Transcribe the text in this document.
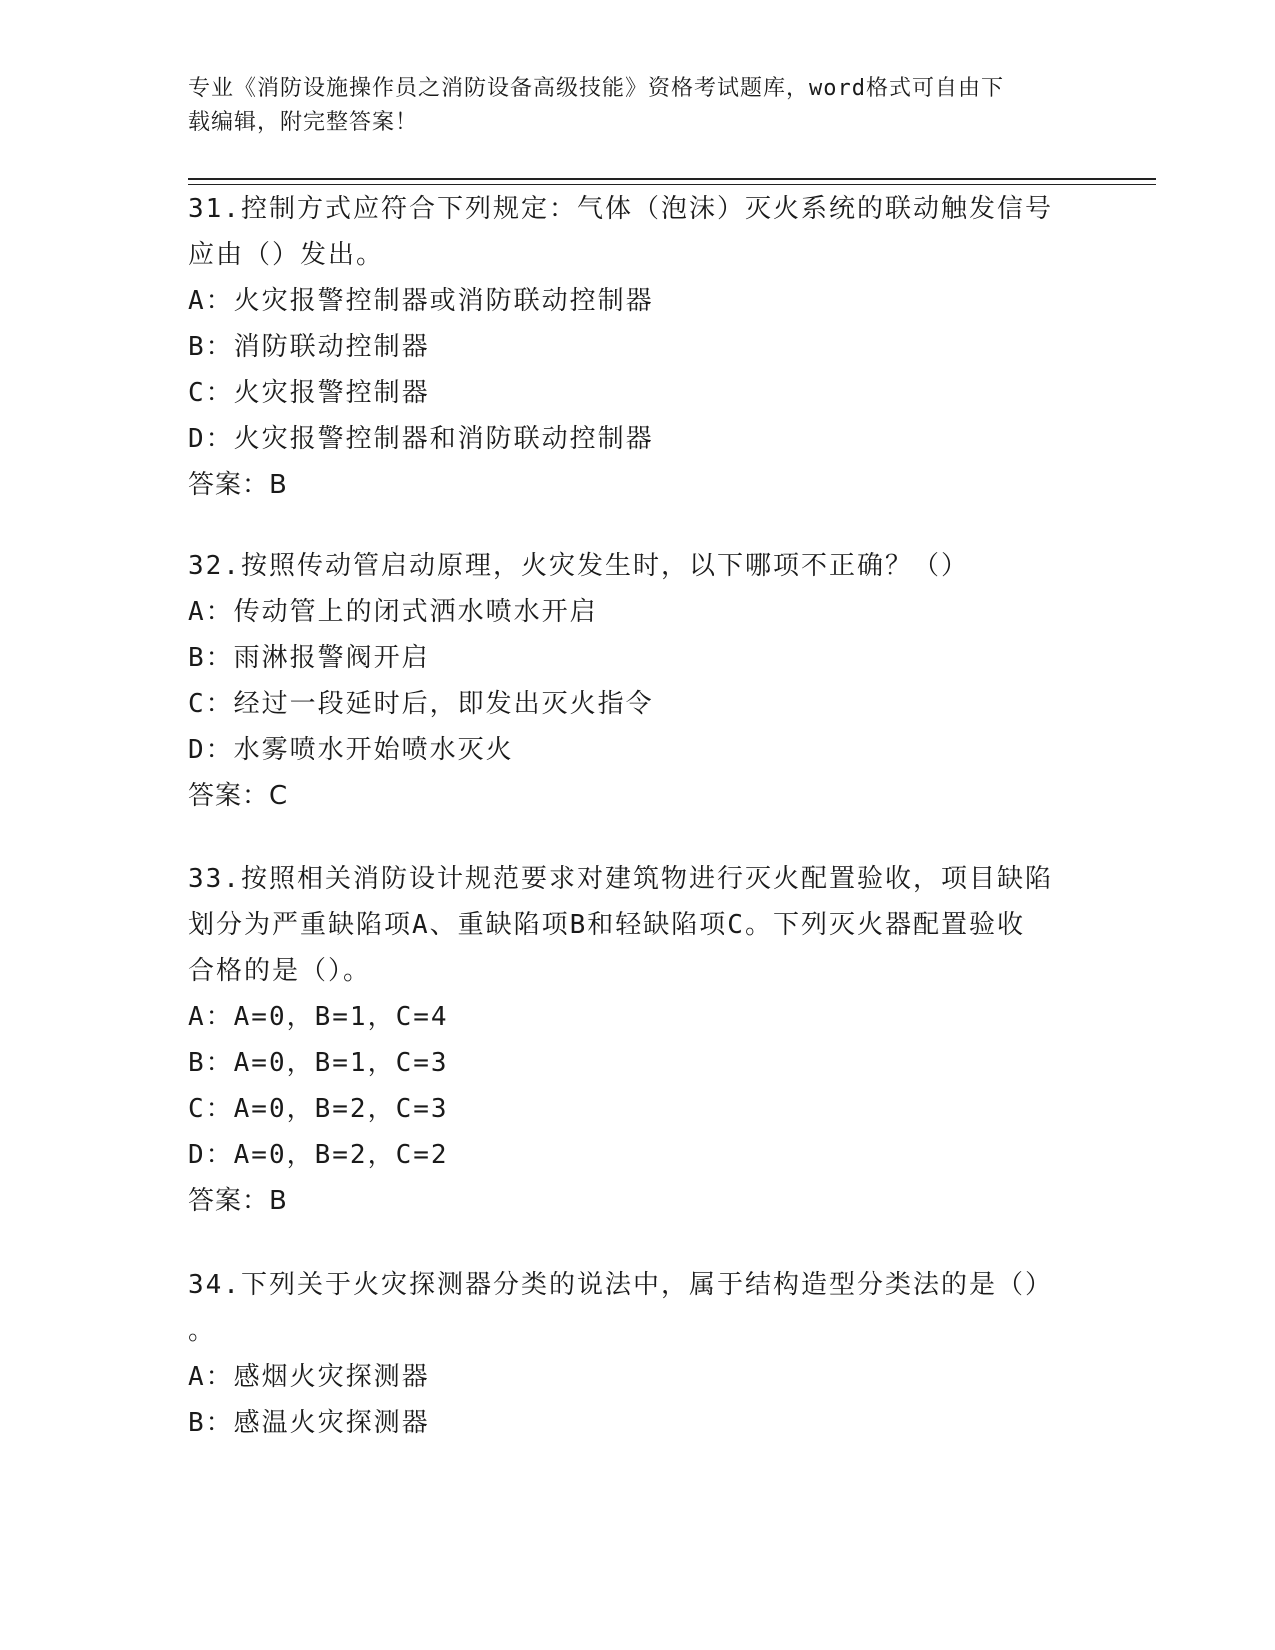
专业《消防设施操作员之消防设备高级技能》资格考试题库，word格式可自由下
载编辑，附完整答案！
31.控制方式应符合下列规定：气体（泡沫）灭火系统的联动触发信号
应由（）发出。
A：火灾报警控制器或消防联动控制器
B：消防联动控制器
C：火灾报警控制器
D：火灾报警控制器和消防联动控制器
答案：B
32.按照传动管启动原理，火灾发生时，以下哪项不正确？（）
A：传动管上的闭式洒水喷水开启
B：雨淋报警阀开启
C：经过一段延时后，即发出灭火指令
D：水雾喷水开始喷水灭火
答案：C
33.按照相关消防设计规范要求对建筑物进行灭火配置验收，项目缺陷
划分为严重缺陷项A、重缺陷项B和轻缺陷项C。下列灭火器配置验收
合格的是（）。
A：A=0，B=1，C=4
B：A=0，B=1，C=3
C：A=0，B=2，C=3
D：A=0，B=2，C=2
答案：B
34.下列关于火灾探测器分类的说法中，属于结构造型分类法的是（）
。
A：感烟火灾探测器
B：感温火灾探测器
